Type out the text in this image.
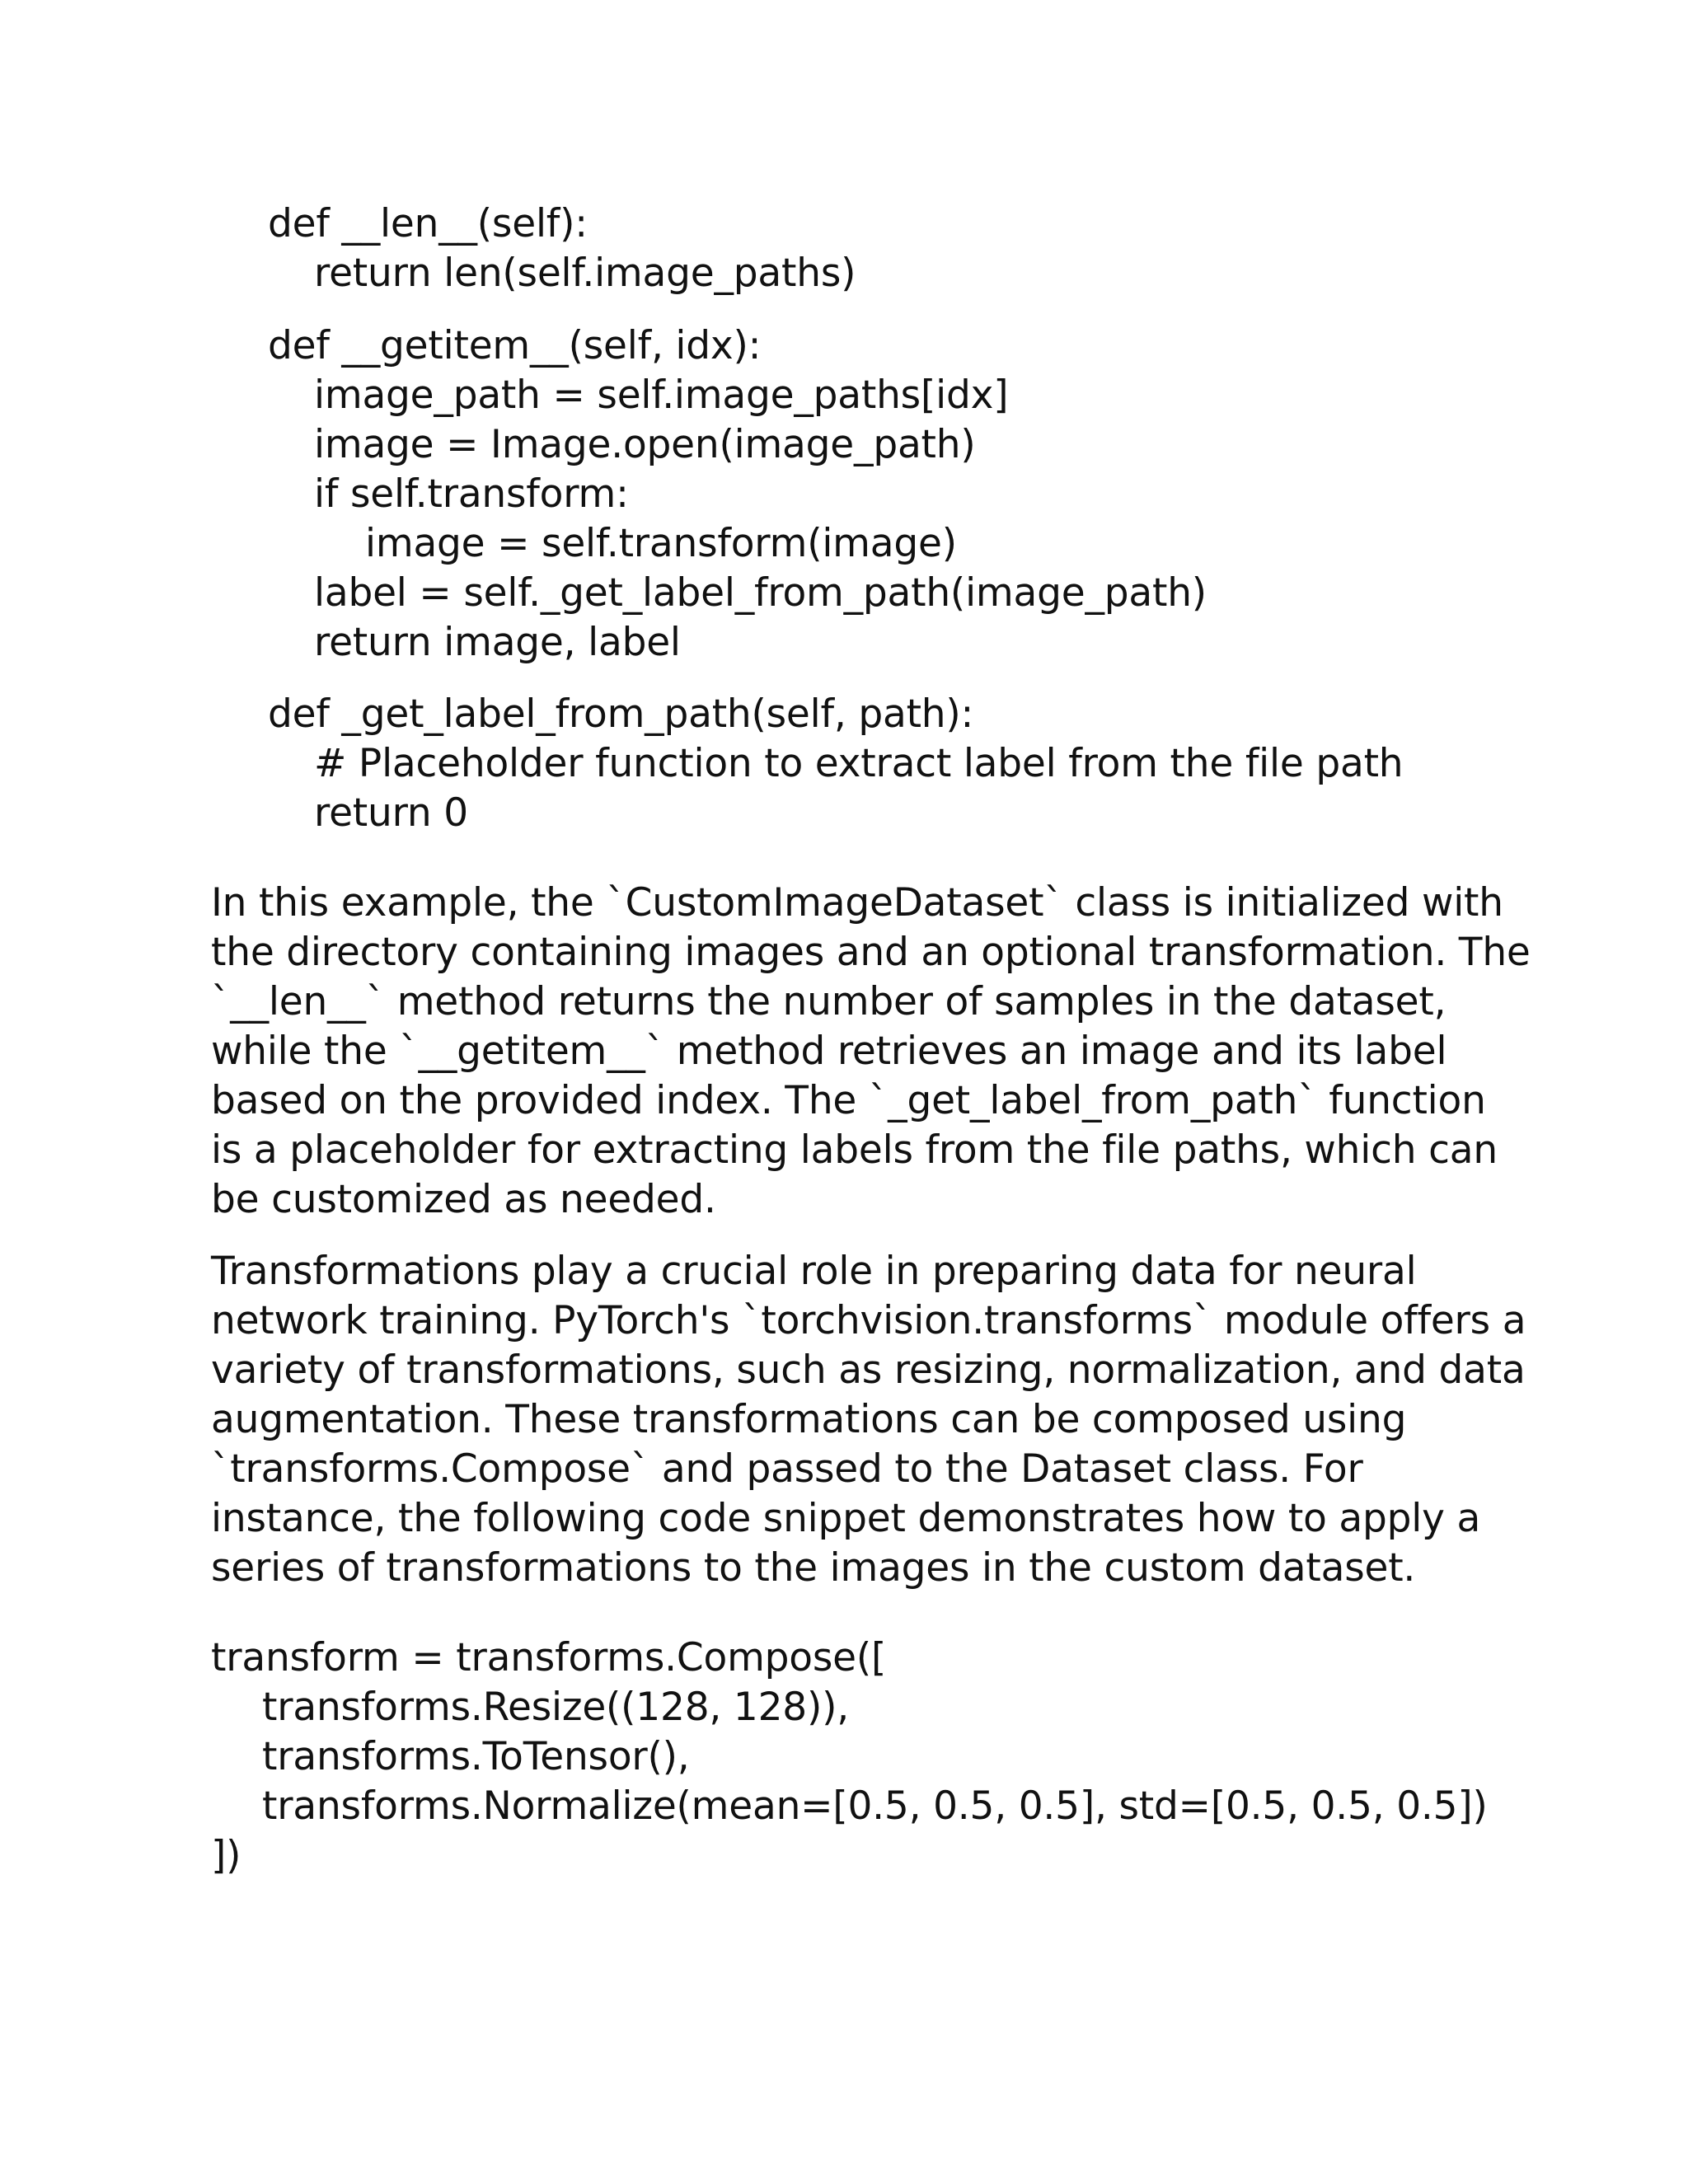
def __len__(self):
return len(self.image_paths)
def __getitem__(self, idx):
image_path = self.image_paths[idx]
image = Image.open(image_path)
if self.transform:
image = self.transform(image)
label = self._get_label_from_path(image_path)
return image, label
def _get_label_from_path(self, path):
# Placeholder function to extract label from the file path
return 0
In this example, the `CustomImageDataset` class is initialized with
the directory containing images and an optional transformation. The
`__len__` method returns the number of samples in the dataset,
while the `__getitem__` method retrieves an image and its label
based on the provided index. The `_get_label_from_path` function
is a placeholder for extracting labels from the file paths, which can
be customized as needed.
Transformations play a crucial role in preparing data for neural
network training. PyTorch's `torchvision.transforms` module offers a
variety of transformations, such as resizing, normalization, and data
augmentation. These transformations can be composed using
`transforms.Compose` and passed to the Dataset class. For
instance, the following code snippet demonstrates how to apply a
series of transformations to the images in the custom dataset.
transform = transforms.Compose([
transforms.Resize((128, 128)),
transforms.ToTensor(),
transforms.Normalize(mean=[0.5, 0.5, 0.5], std=[0.5, 0.5, 0.5])
])
